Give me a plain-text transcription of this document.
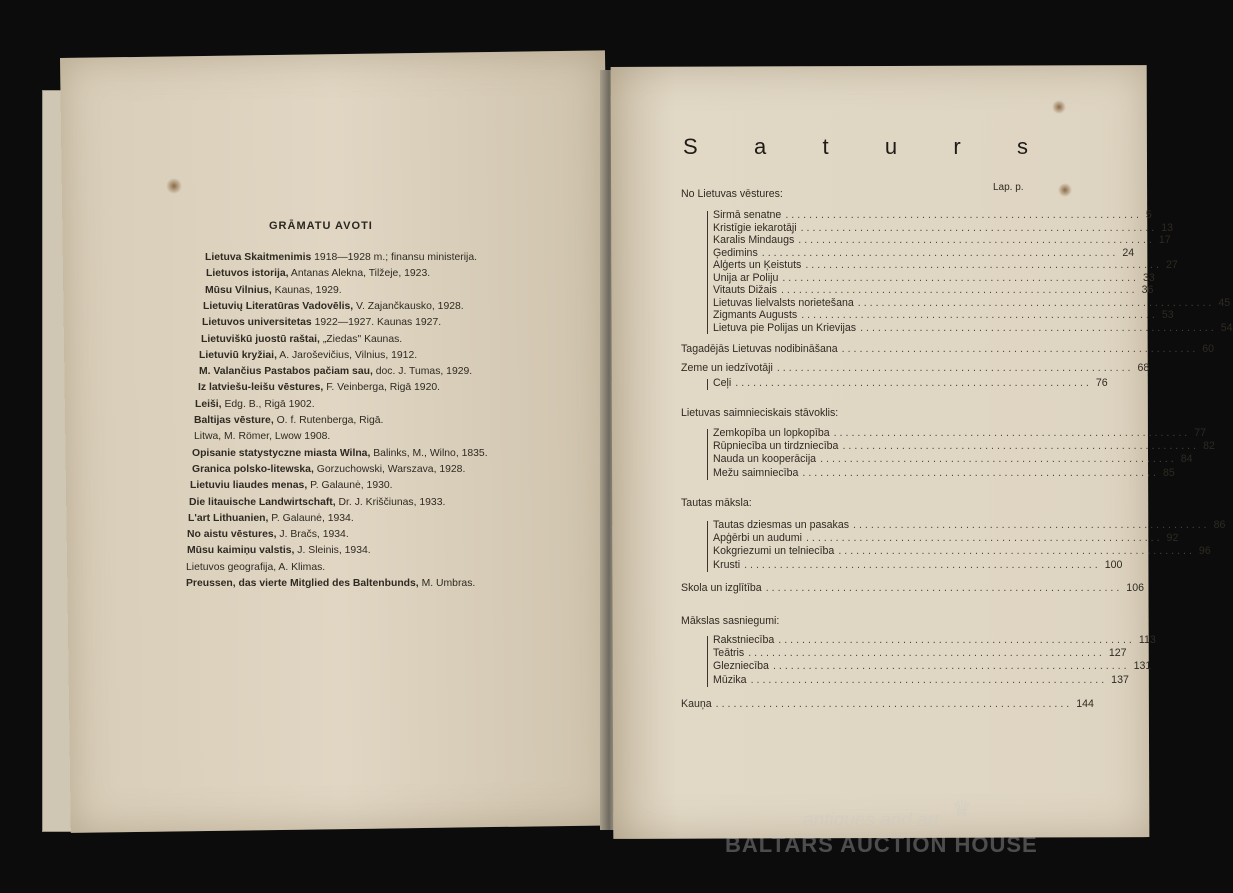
GRĀMATU AVOTI
Lietuva Skaitmenimis 1918—1928 m.; finansu ministerija.
Lietuvos istorija, Antanas Alekna, Tilžeje, 1923.
Mūsu Vilnius, Kaunas, 1929.
Lietuvių Literatūras Vadovēlis, V. Zajančkausko, 1928.
Lietuvos universitetas 1922—1927. Kaunas 1927.
Lietuviškū juostū raštai, „Ziedas" Kaunas.
Lietuviū kryžiai, A. Jaroševičius, Vilnius, 1912.
M. Valančius Pastabos pačiam sau, doc. J. Tumas, 1929.
Iz latviešu-leišu vēstures, F. Veinberga, Rigā 1920.
Leiši, Edg. B., Rigā 1902.
Baltijas vēsture, O. f. Rutenberga, Rigā.
Litwa, M. Römer, Lwow 1908.
Opisanie statystyczne miasta Wilna, Balinks, M., Wilno, 1835.
Granica polsko-litewska, Gorzuchowski, Warszava, 1928.
Lietuviu liaudes menas, P. Galaunė, 1930.
Die litauische Landwirtschaft, Dr. J. Kriščiunas, 1933.
L'art Lithuanien, P. Galaunė, 1934.
No aistu vēstures, J. Bračs, 1934.
Mūsu kaimiņu valstis, J. Sleinis, 1934.
Lietuvos geografija, A. Klimas.
Preussen, das vierte Mitglied des Baltenbunds, M. Umbras.
S	a	t	u	r	s
Lap. p.
No Lietuvas vēstures:
Sirmā senatne ............................................................ 5
Kristīgie iekarotāji ............................................................ 13
Karalis Mindaugs ............................................................ 17
Ģedimins ............................................................ 24
Alģerts un Ķeistuts ............................................................ 27
Unija ar Poliju ............................................................ 33
Vitauts Dižais ............................................................ 36
Lietuvas lielvalsts norietešana ............................................................ 45
Zigmants Augusts ............................................................ 53
Lietuva pie Polijas un Krievijas ............................................................ 54
Tagadējās Lietuvas nodibināšana ............................................................ 60
Zeme un iedzīvotāji ............................................................ 68
Ceļi ............................................................ 76
Lietuvas saimnieciskais stāvoklis:
Zemkopība un lopkopība ............................................................ 77
Rūpniecība un tirdzniecība ............................................................ 82
Nauda un kooperācija ............................................................ 84
Mežu saimniecība ............................................................ 85
Tautas māksla:
Tautas dziesmas un pasakas ............................................................ 86
Apģērbi un audumi ............................................................ 92
Kokgriezumi un telniecība ............................................................ 96
Krusti ............................................................ 100
Skola un izglītība ............................................................ 106
Mākslas sasniegumi:
Rakstniecība ............................................................ 113
Teātris ............................................................ 127
Glezniecība ............................................................ 131
Mūzika ............................................................ 137
Kauņa ............................................................ 144
antiques and art ♛
BALTARS AUCTION HOUSE
